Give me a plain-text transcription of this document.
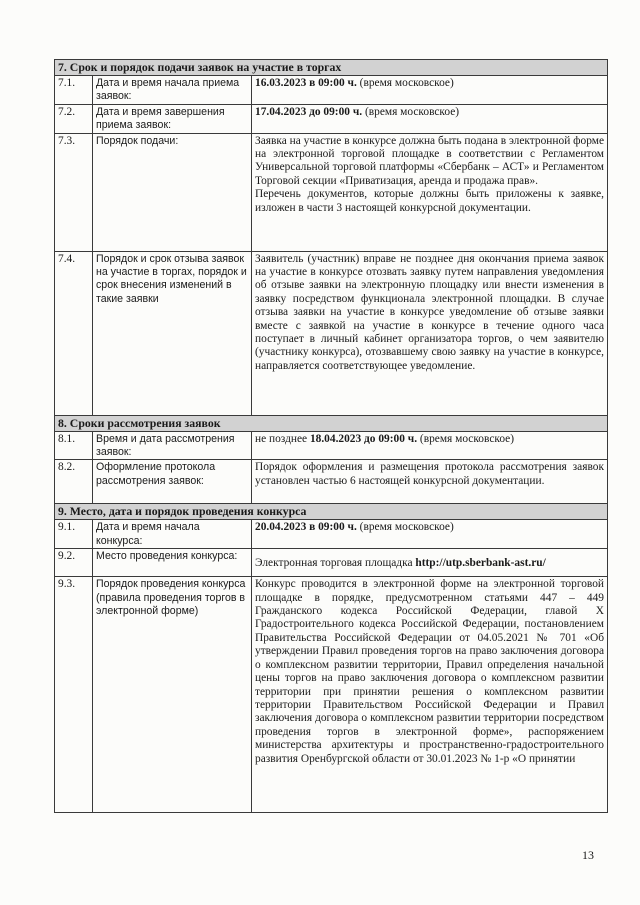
7. Срок и порядок подачи заявок на участие в торгах		
7.1.	Дата и время начала приема заявок:	16.03.2023 в 09:00 ч. (время московское)
7.2.	Дата и время завершения приема заявок:	17.04.2023 до 09:00 ч. (время московское)
7.3.	Порядок подачи:	Заявка на участие в конкурсе должна быть подана в электронной форме на электронной торговой площадке в соответствии с Регламентом Универсальной торговой платформы «Сбербанк – АСТ» и Регламентом Торговой секции «Приватизация, аренда и продажа прав».

Перечень документов, которые должны быть приложены к заявке, изложен в части 3 настоящей конкурсной документации.

7.4.	Порядок и срок отзыва заявок на участие в торгах, порядок и срок внесения изменений в такие заявки	Заявитель (участник) вправе не позднее дня окончания приема заявок на участие в конкурсе отозвать заявку путем направления уведомления об отзыве заявки на электронную площадку или внести изменения в заявку посредством функционала электронной площадки. В случае отзыва заявки на участие в конкурсе уведомление об отзыве заявки вместе с заявкой на участие в конкурсе в течение одного часа поступает в личный кабинет организатора торгов, о чем заявителю (участнику конкурса), отозвавшему свою заявку на участие в конкурсе, направляется соответствующее уведомление.

8. Сроки рассмотрения заявок		
8.1.	Время и дата рассмотрения заявок:	не позднее 18.04.2023 до 09:00 ч. (время московское)
8.2.	Оформление протокола рассмотрения заявок:	Порядок оформления и размещения протокола рассмотрения заявок установлен частью 6 настоящей конкурсной документации.

9. Место, дата и порядок проведения конкурса		
9.1.	Дата и время начала конкурса:	20.04.2023 в 09:00 ч. (время московское)
9.2.	Место проведения конкурса:	Электронная торговая площадка http://utp.sberbank-ast.ru/
9.3.	Порядок проведения конкурса (правила проведения торгов в электронной форме)	Конкурс проводится в электронной форме на электронной торговой площадке в порядке, предусмотренном статьями 447 – 449 Гражданского кодекса Российской Федерации, главой X Градостроительного кодекса Российской Федерации, постановлением Правительства Российской Федерации от 04.05.2021 № 701 «Об утверждении Правил проведения торгов на право заключения договора о комплексном развитии территории, Правил определения начальной цены торгов на право заключения договора о комплексном развитии территории при принятии решения о комплексном развитии территории Правительством Российской Федерации и Правил заключения договора о комплексном развитии территории посредством проведения торгов в электронной форме», распоряжением министерства архитектуры и пространственно-градостроительного развития Оренбургской области от 30.01.2023 № 1-р «О принятии

13
